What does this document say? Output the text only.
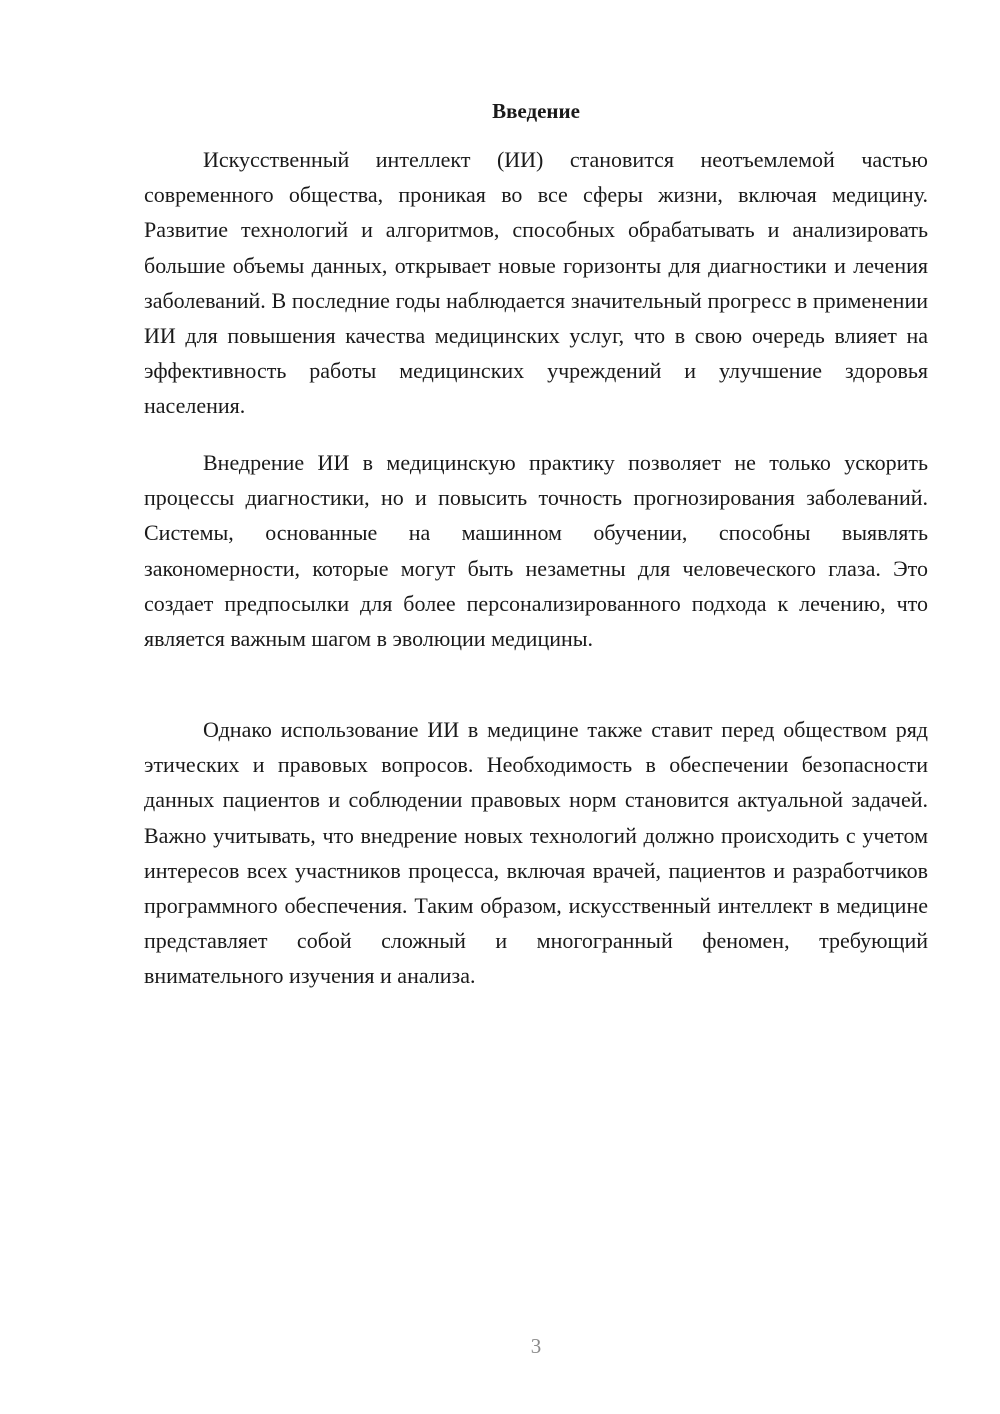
Введение

Искусственный интеллект (ИИ) становится неотъемлемой частью современного общества, проникая во все сферы жизни, включая медицину. Развитие технологий и алгоритмов, способных обрабатывать и анализировать большие объемы данных, открывает новые горизонты для диагностики и лечения заболеваний. В последние годы наблюдается значительный прогресс в применении ИИ для повышения качества медицинских услуг, что в свою очередь влияет на эффективность работы медицинских учреждений и улучшение здоровья населения.

Внедрение ИИ в медицинскую практику позволяет не только ускорить процессы диагностики, но и повысить точность прогнозирования заболеваний. Системы, основанные на машинном обучении, способны выявлять закономерности, которые могут быть незаметны для человеческого глаза. Это создает предпосылки для более персонализированного подхода к лечению, что является важным шагом в эволюции медицины.

Однако использование ИИ в медицине также ставит перед обществом ряд этических и правовых вопросов. Необходимость в обеспечении безопасности данных пациентов и соблюдении правовых норм становится актуальной задачей. Важно учитывать, что внедрение новых технологий должно происходить с учетом интересов всех участников процесса, включая врачей, пациентов и разработчиков программного обеспечения. Таким образом, искусственный интеллект в медицине представляет собой сложный и многогранный феномен, требующий внимательного изучения и анализа.

3
